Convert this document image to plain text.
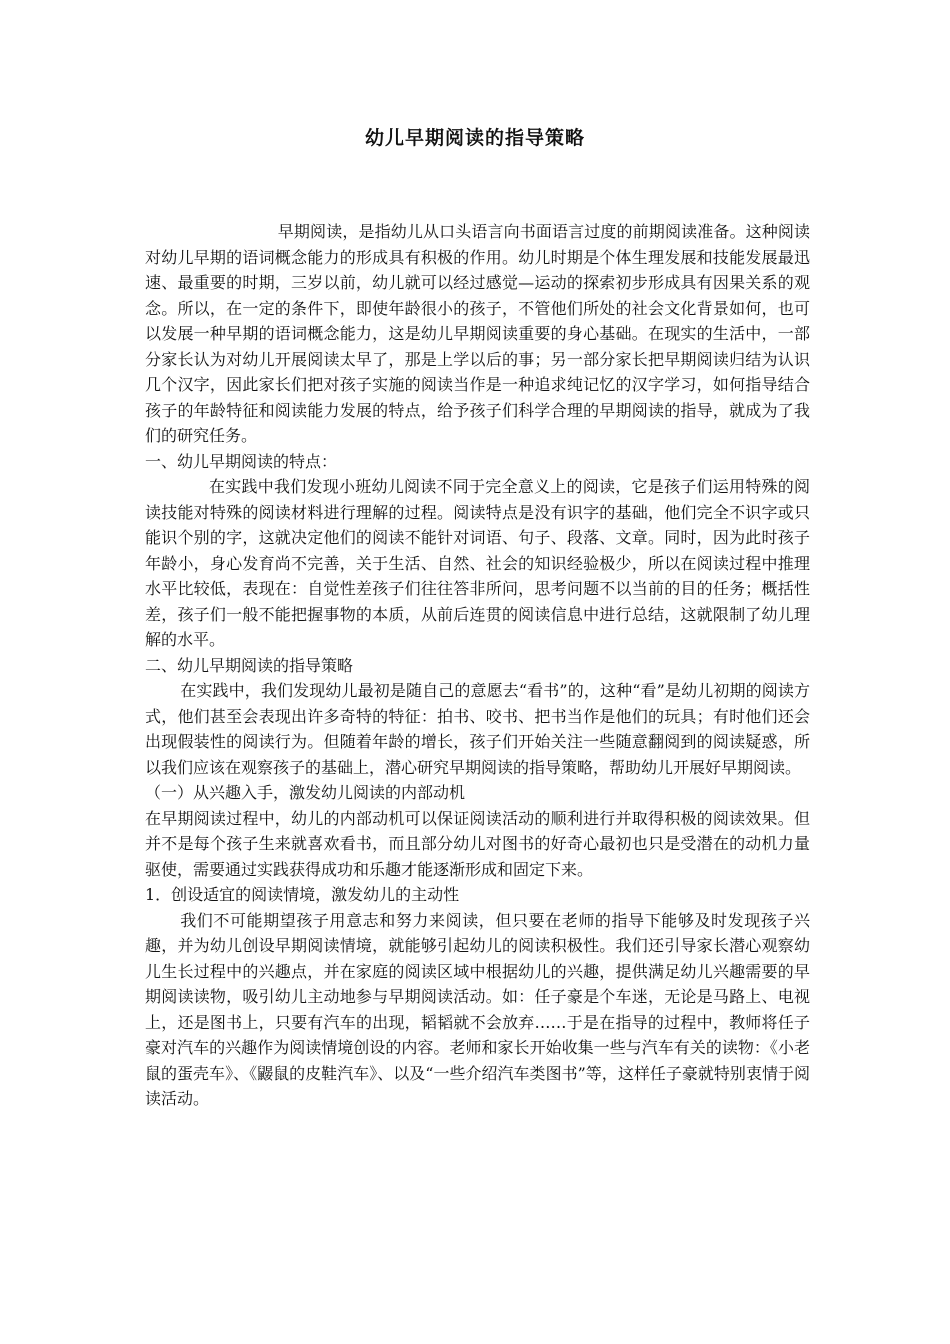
幼儿早期阅读的指导策略

早期阅读，是指幼儿从口头语言向书面语言过度的前期阅读准备。这种阅读对幼儿早期的语词概念能力的形成具有积极的作用。幼儿时期是个体生理发展和技能发展最迅速、最重要的时期，三岁以前，幼儿就可以经过感觉—运动的探索初步形成具有因果关系的观念。所以，在一定的条件下，即使年龄很小的孩子，不管他们所处的社会文化背景如何，也可以发展一种早期的语词概念能力，这是幼儿早期阅读重要的身心基础。在现实的生活中，一部分家长认为对幼儿开展阅读太早了，那是上学以后的事；另一部分家长把早期阅读归结为认识几个汉字，因此家长们把对孩子实施的阅读当作是一种追求纯记忆的汉字学习，如何指导结合孩子的年龄特征和阅读能力发展的特点，给予孩子们科学合理的早期阅读的指导，就成为了我们的研究任务。

一、幼儿早期阅读的特点：

在实践中我们发现小班幼儿阅读不同于完全意义上的阅读，它是孩子们运用特殊的阅读技能对特殊的阅读材料进行理解的过程。阅读特点是没有识字的基础，他们完全不识字或只能识个别的字，这就决定他们的阅读不能针对词语、句子、段落、文章。同时，因为此时孩子年龄小，身心发育尚不完善，关于生活、自然、社会的知识经验极少，所以在阅读过程中推理水平比较低，表现在：自觉性差孩子们往往答非所问，思考问题不以当前的目的任务；概括性差，孩子们一般不能把握事物的本质，从前后连贯的阅读信息中进行总结，这就限制了幼儿理解的水平。

二、幼儿早期阅读的指导策略

在实践中，我们发现幼儿最初是随自己的意愿去“看书”的，这种“看”是幼儿初期的阅读方式，他们甚至会表现出许多奇特的特征：拍书、咬书、把书当作是他们的玩具；有时他们还会出现假装性的阅读行为。但随着年龄的增长，孩子们开始关注一些随意翻阅到的阅读疑惑，所以我们应该在观察孩子的基础上，潜心研究早期阅读的指导策略，帮助幼儿开展好早期阅读。

（一）从兴趣入手，激发幼儿阅读的内部动机

在早期阅读过程中，幼儿的内部动机可以保证阅读活动的顺利进行并取得积极的阅读效果。但并不是每个孩子生来就喜欢看书，而且部分幼儿对图书的好奇心最初也只是受潜在的动机力量驱使，需要通过实践获得成功和乐趣才能逐渐形成和固定下来。

1．创设适宜的阅读情境，激发幼儿的主动性

我们不可能期望孩子用意志和努力来阅读，但只要在老师的指导下能够及时发现孩子兴趣，并为幼儿创设早期阅读情境，就能够引起幼儿的阅读积极性。我们还引导家长潜心观察幼儿生长过程中的兴趣点，并在家庭的阅读区域中根据幼儿的兴趣，提供满足幼儿兴趣需要的早期阅读读物，吸引幼儿主动地参与早期阅读活动。如：任子豪是个车迷，无论是马路上、电视上，还是图书上，只要有汽车的出现，韬韬就不会放弃……于是在指导的过程中，教师将任子豪对汽车的兴趣作为阅读情境创设的内容。老师和家长开始收集一些与汽车有关的读物：《小老鼠的蛋壳车》、《鼹鼠的皮鞋汽车》、以及“一些介绍汽车类图书”等，这样任子豪就特别衷情于阅读活动。
